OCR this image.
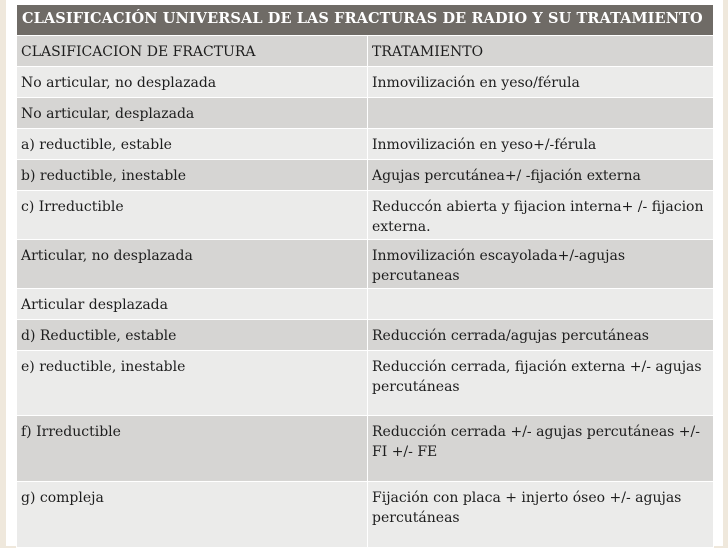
CLASIFICACIÓN UNIVERSAL DE LAS FRACTURAS DE RADIO Y SU TRATAMIENTO	
CLASIFICACION DE FRACTURA	TRATAMIENTO
No articular, no desplazada	Inmovilización en yeso/férula
No articular, desplazada	
a) reductible, estable	Inmovilización en yeso+/-férula
b) reductible, inestable	Agujas percutánea+/ -fijación externa
c) Irreductible	Reduccón abierta y fijacion interna+ /- fijacion externa.
Articular, no desplazada	Inmovilización escayolada+/-agujas percutaneas
Articular desplazada	
d) Reductible, estable	Reducción cerrada/agujas percutáneas
e) reductible, inestable	Reducción cerrada, fijación externa +/- agujas percutáneas
f) Irreductible	Reducción cerrada +/- agujas percutáneas +/- FI +/- FE
g) compleja	Fijación con placa + injerto óseo +/- agujas percutáneas
